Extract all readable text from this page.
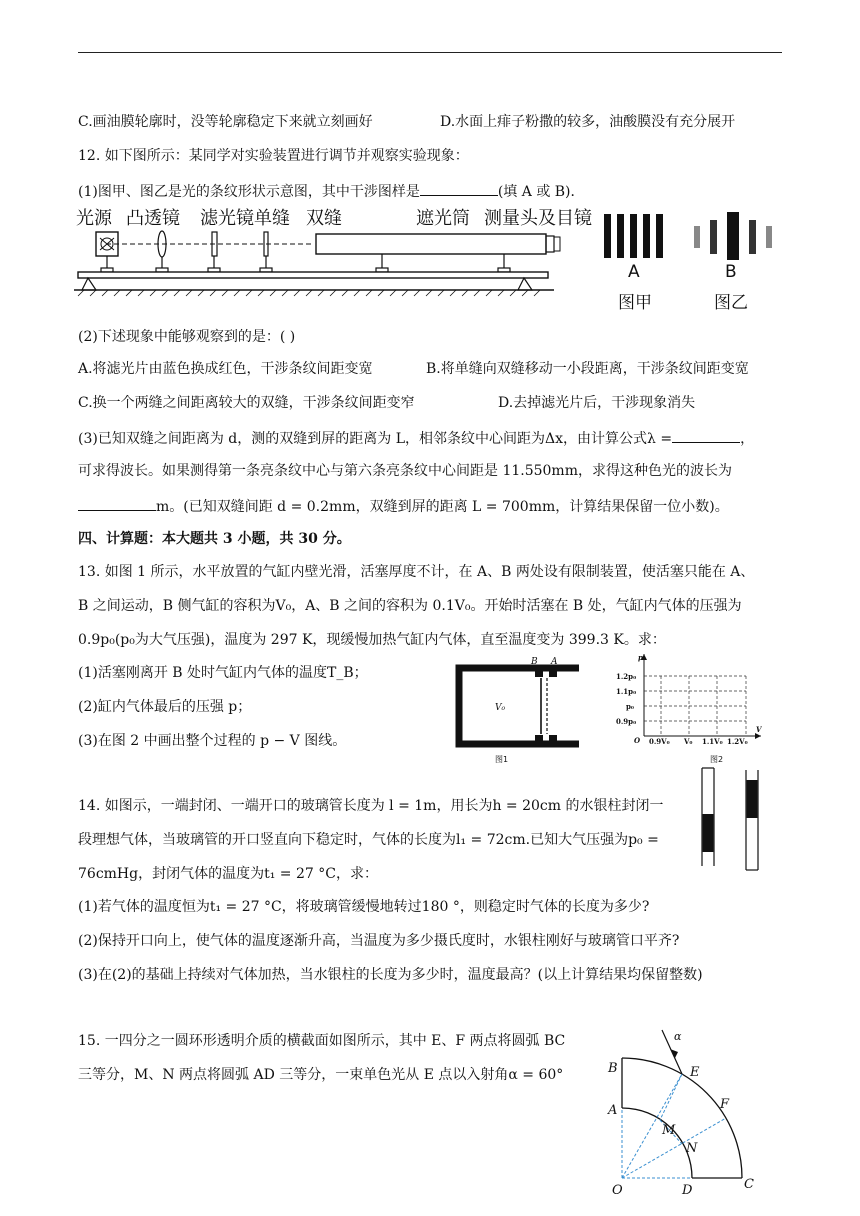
C.画油膜轮廓时，没等轮廓稳定下来就立刻画好	D.水面上痱子粉撒的较多，油酸膜没有充分展开
12. 如下图所示：某同学对实验装置进行调节并观察实验现象：
(1)图甲、图乙是光的条纹形状示意图，其中干涉图样是	(填 A 或 B)．
光源 凸透镜 滤光镜 单缝 双缝	遮光筒 测量头及目镜
A	B
图甲	图乙
(2)下述现象中能够观察到的是：( )
A.将滤光片由蓝色换成红色，干涉条纹间距变宽	B.将单缝向双缝移动一小段距离，干涉条纹间距变宽
C.换一个两缝之间距离较大的双缝，干涉条纹间距变窄	D.去掉滤光片后，干涉现象消失
(3)已知双缝之间距离为 d，测的双缝到屏的距离为 L，相邻条纹中心间距为Δx，由计算公式λ =	，
可求得波长。如果测得第一条亮条纹中心与第六条亮条纹中心间距是 11.550mm，求得这种色光的波长为
m。(已知双缝间距 d = 0.2mm，双缝到屏的距离 L = 700mm，计算结果保留一位小数)。
四、计算题：本大题共 3 小题，共 30 分。
13. 如图 1 所示，水平放置的气缸内壁光滑，活塞厚度不计，在 A、B 两处设有限制装置，使活塞只能在 A、
B 之间运动，B 侧气缸的容积为V₀，A、B 之间的容积为 0.1V₀。开始时活塞在 B 处，气缸内气体的压强为
0.9p₀(p₀为大气压强)，温度为 297 K，现缓慢加热气缸内气体，直至温度变为 399.3 K。求：
(1)活塞刚离开 B 处时气缸内气体的温度T_B；
(2)缸内气体最后的压强 p；
(3)在图 2 中画出整个过程的 p − V 图线。
B A
V₀
图1
p
V
O
1.2p₀
1.1p₀
p₀
0.9p₀
0.9V₀ V₀ 1.1V₀ 1.2V₀
图2
14. 如图示，一端封闭、一端开口的玻璃管长度为 l = 1m，用长为h = 20cm 的水银柱封闭一
段理想气体，当玻璃管的开口竖直向下稳定时，气体的长度为l₁ = 72cm.已知大气压强为p₀ =
76cmHg，封闭气体的温度为t₁ = 27 °C，求：
(1)若气体的温度恒为t₁ = 27 °C，将玻璃管缓慢地转过180 °，则稳定时气体的长度为多少?
(2)保持开口向上，使气体的温度逐渐升高，当温度为多少摄氏度时，水银柱刚好与玻璃管口平齐?
(3)在(2)的基础上持续对气体加热，当水银柱的长度为多少时，温度最高？(以上计算结果均保留整数)
15. 一四分之一圆环形透明介质的横截面如图所示，其中 E、F 两点将圆弧 BC
三等分，M、N 两点将圆弧 AD 三等分，一束单色光从 E 点以入射角α = 60°
α
B	E
F
A
M
N
O	D	C
